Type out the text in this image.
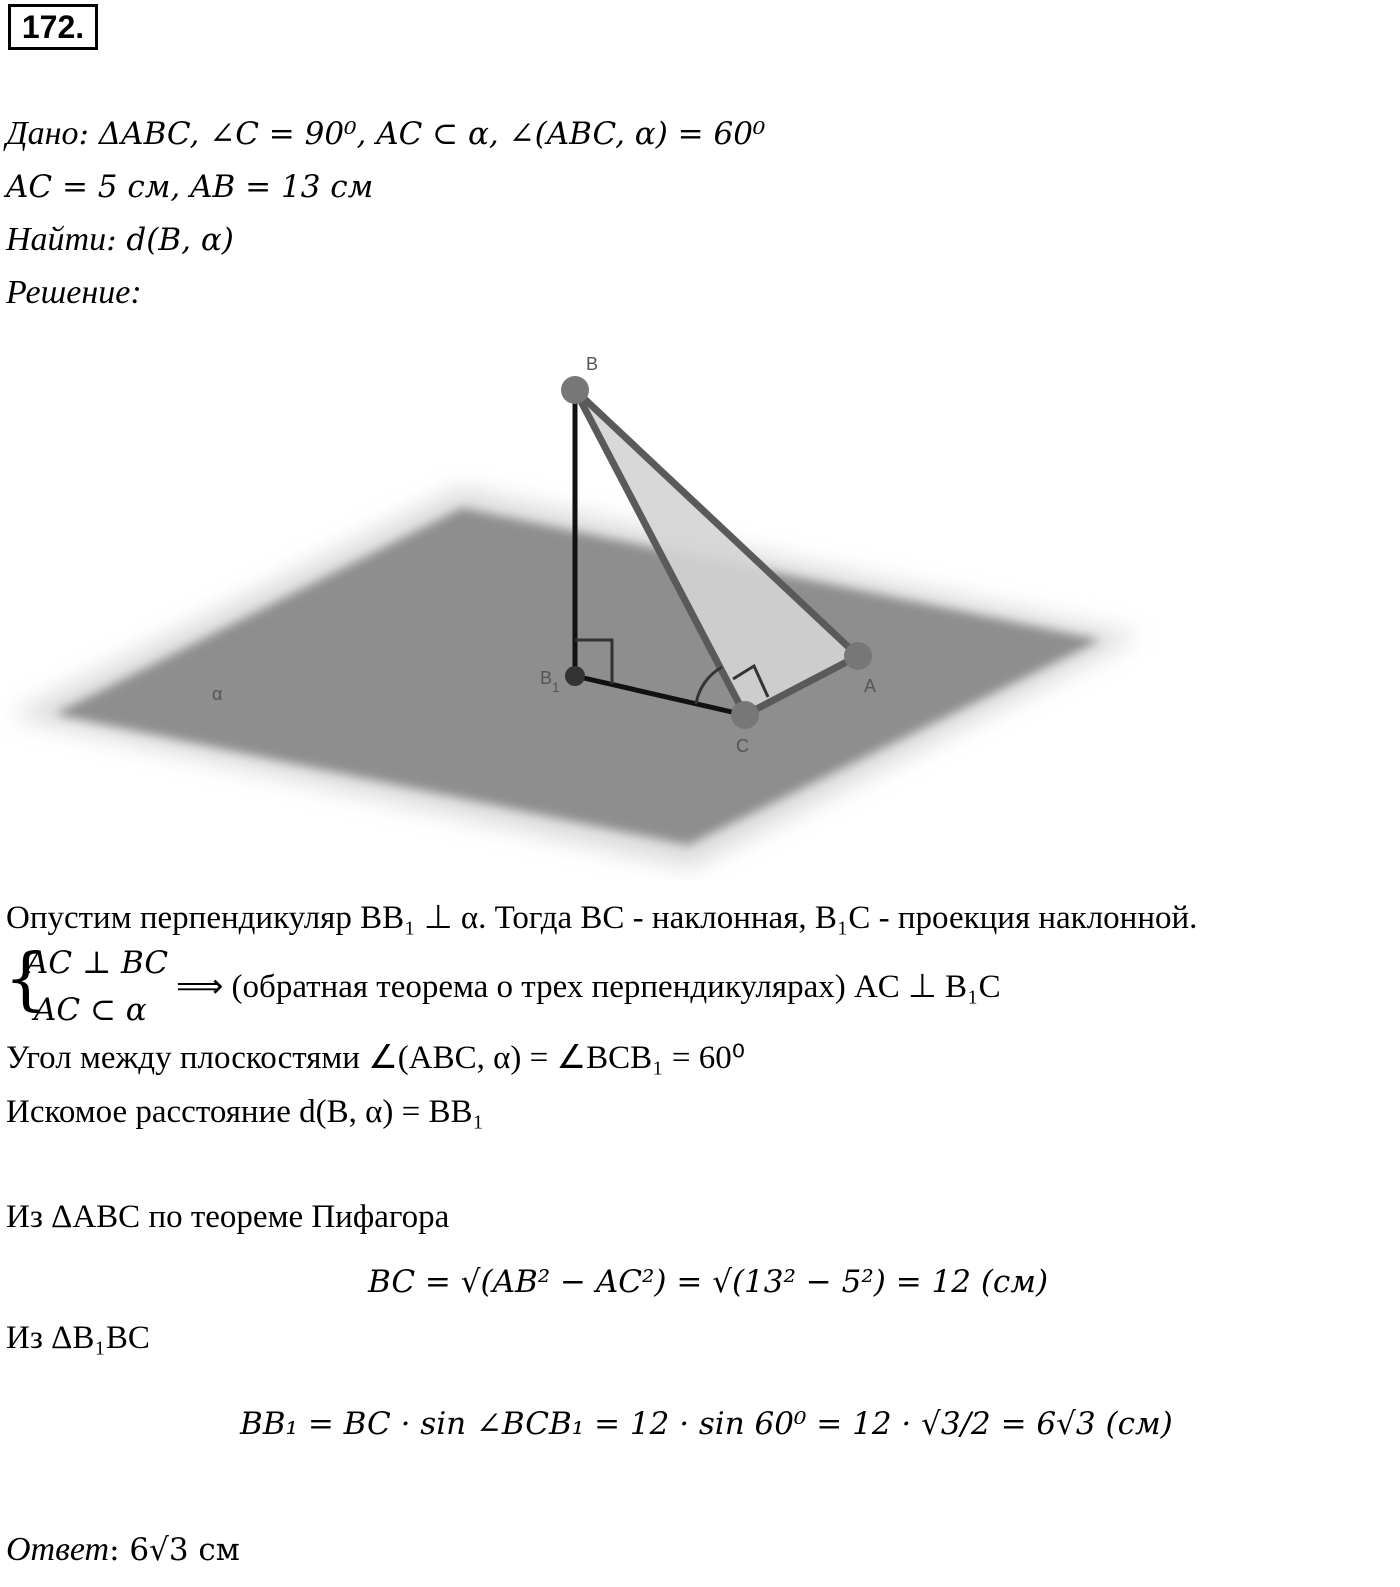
172.
Дано: ΔABC, ∠C = 90⁰, AC ⊂ α, ∠(ABC, α) = 60⁰
AC = 5 см, AB = 13 см
Найти: d(B, α)
Решение:
B
A
C
$B_1$
α
Опустим перпендикуляр BB₁ ⊥ α. Тогда BC - наклонная, B₁C - проекция наклонной.
{
AC ⊥ BC
AC ⊂ α
⟹ (обратная теорема о трех перпендикулярах) AC ⊥ B₁C
Угол между плоскостями ∠(ABC, α) = ∠BCB₁ = 60⁰
Искомое расстояние d(B, α) = BB₁
Из ΔABC по теореме Пифагора
BC = √(AB² − AC²) = √(13² − 5²) = 12 (см)
Из ΔB₁BC
BB₁ = BC · sin ∠BCB₁ = 12 · sin 60⁰ = 12 · √3/2 = 6√3 (см)
Ответ: 6√3 см
